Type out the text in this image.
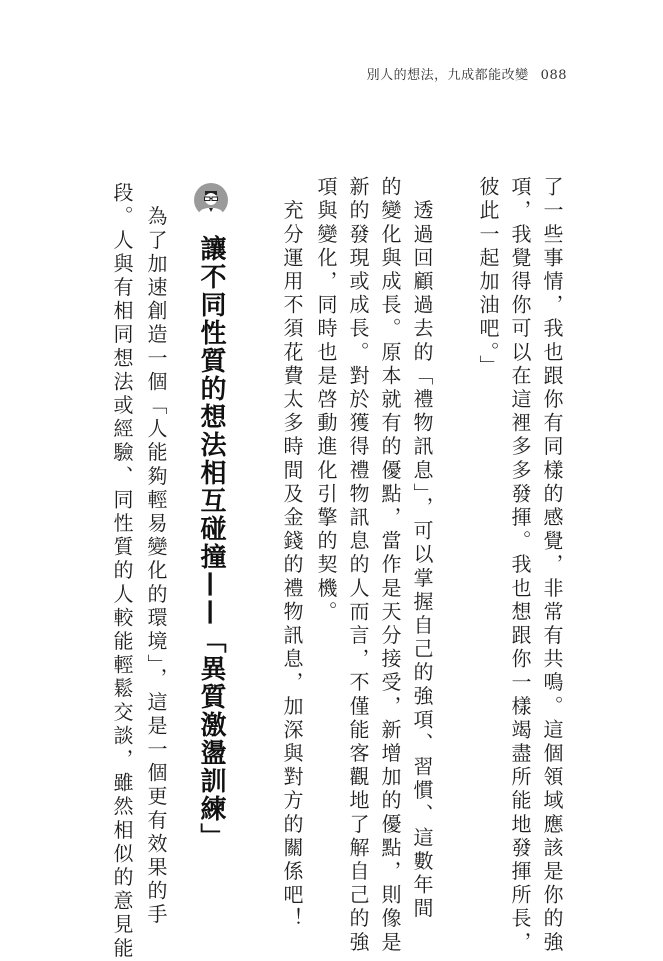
別人的想法，九成都能改變 088
了一些事情，我也跟你有同樣的感覺，非常有共鳴。這個領域應該是你的強
項，我覺得你可以在這裡多多發揮。我也想跟你一樣竭盡所能地發揮所長，
彼此一起加油吧。」
　透過回顧過去的「禮物訊息」，可以掌握自己的強項、習慣、這數年間
的變化與成長。原本就有的優點，當作是天分接受，新增加的優點，則像是
新的發現或成長。對於獲得禮物訊息的人而言，不僅能客觀地了解自己的強
項與變化，同時也是啓動進化引擎的契機。
　充分運用不須花費太多時間及金錢的禮物訊息，加深與對方的關係吧！
讓不同性質的想法相互碰撞——「異質激盪訓練」
　為了加速創造一個「人能夠輕易變化的環境」，這是一個更有效果的手
段。人與有相同想法或經驗、同性質的人較能輕鬆交談，雖然相似的意見能
